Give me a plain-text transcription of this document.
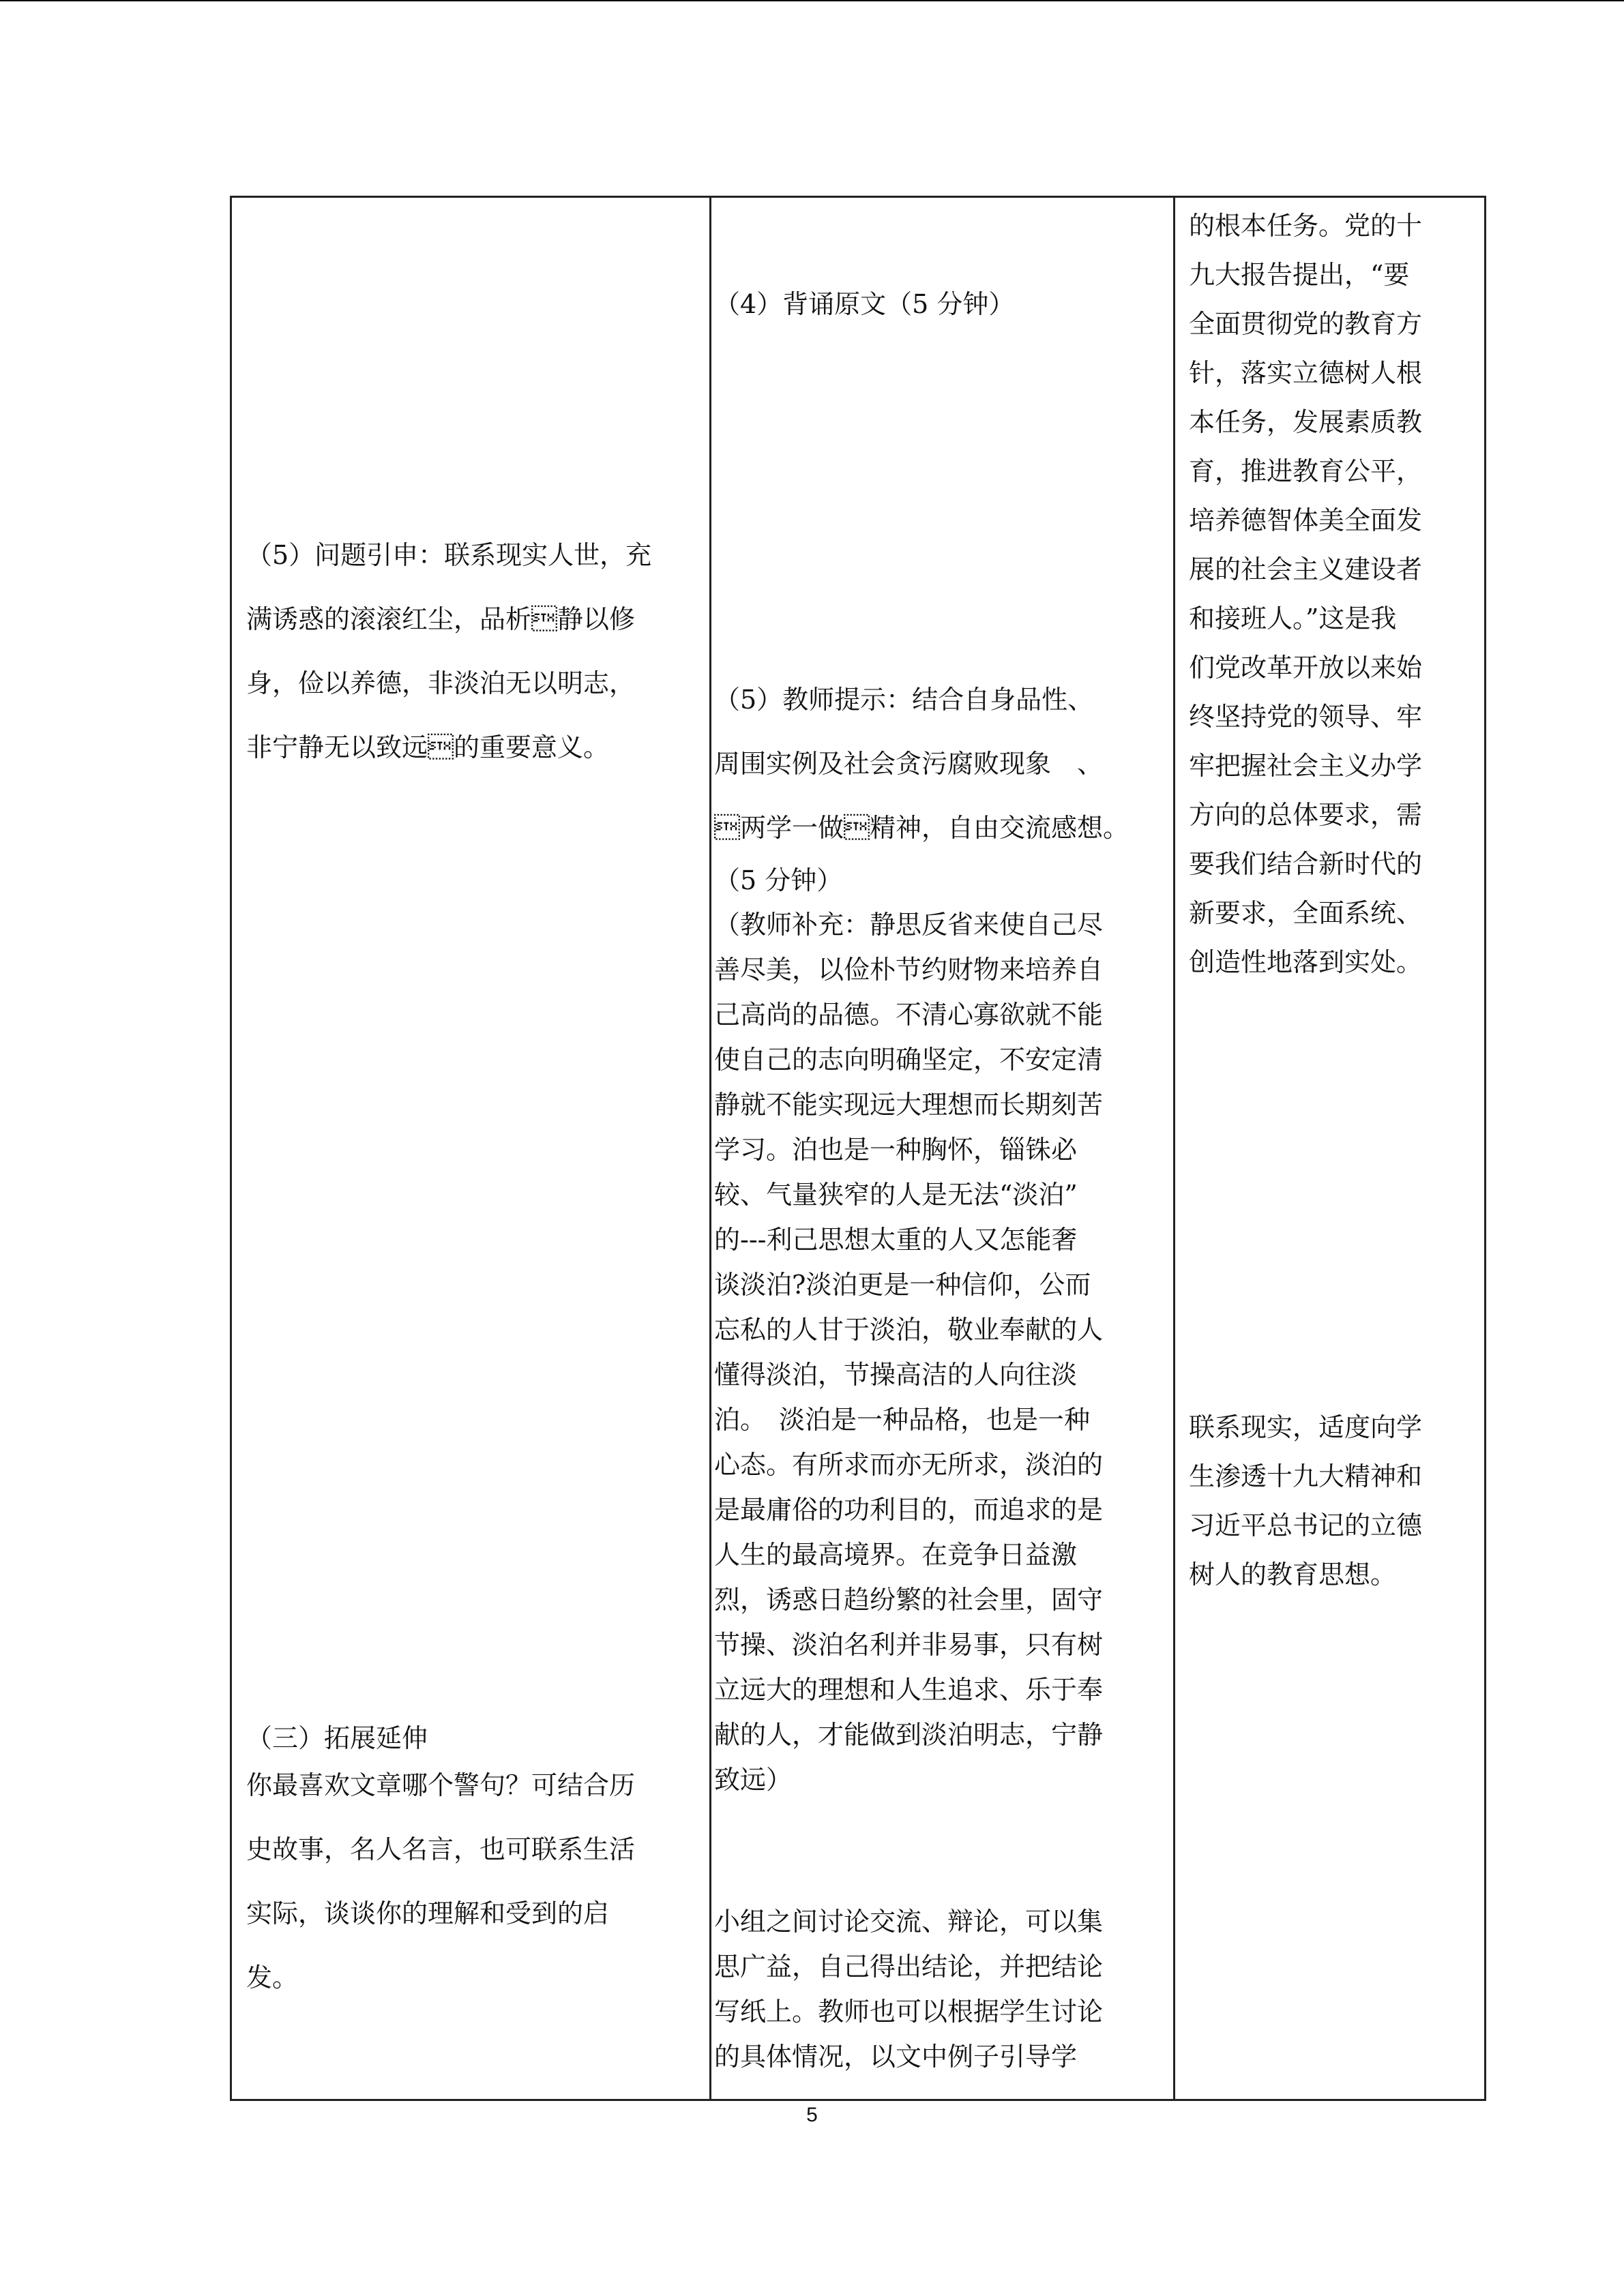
（5）问题引申：联系现实人世，充
满诱惑的滚滚红尘，品析静以修
身，俭以养德，非淡泊无以明志，
非宁静无以致远的重要意义。
（三）拓展延伸
你最喜欢文章哪个警句？可结合历
史故事，名人名言，也可联系生活
实际，谈谈你的理解和受到的启
发。
（4）背诵原文（5 分钟）
（5）教师提示：结合自身品性、
周围实例及社会贪污腐败现象　、
两学一做精神，自由交流感想。
（5 分钟）
（教师补充：静思反省来使自己尽
善尽美，以俭朴节约财物来培养自
己高尚的品德。不清心寡欲就不能
使自己的志向明确坚定，不安定清
静就不能实现远大理想而长期刻苦
学习。泊也是一种胸怀，锱铢必
较、气量狭窄的人是无法“淡泊”
的---利己思想太重的人又怎能奢
谈淡泊?淡泊更是一种信仰，公而
忘私的人甘于淡泊，敬业奉献的人
懂得淡泊，节操高洁的人向往淡
泊。　淡泊是一种品格，也是一种
心态。有所求而亦无所求，淡泊的
是最庸俗的功利目的，而追求的是
人生的最高境界。在竞争日益激
烈，诱惑日趋纷繁的社会里，固守
节操、淡泊名利并非易事，只有树
立远大的理想和人生追求、乐于奉
献的人，才能做到淡泊明志，宁静
致远）
小组之间讨论交流、辩论，可以集
思广益，自己得出结论，并把结论
写纸上。教师也可以根据学生讨论
的具体情况，以文中例子引导学
的根本任务。党的十
九大报告提出，“要
全面贯彻党的教育方
针，落实立德树人根
本任务，发展素质教
育，推进教育公平，
培养德智体美全面发
展的社会主义建设者
和接班人。”这是我
们党改革开放以来始
终坚持党的领导、牢
牢把握社会主义办学
方向的总体要求，需
要我们结合新时代的
新要求，全面系统、
创造性地落到实处。
联系现实，适度向学
生渗透十九大精神和
习近平总书记的立德
树人的教育思想。
5
